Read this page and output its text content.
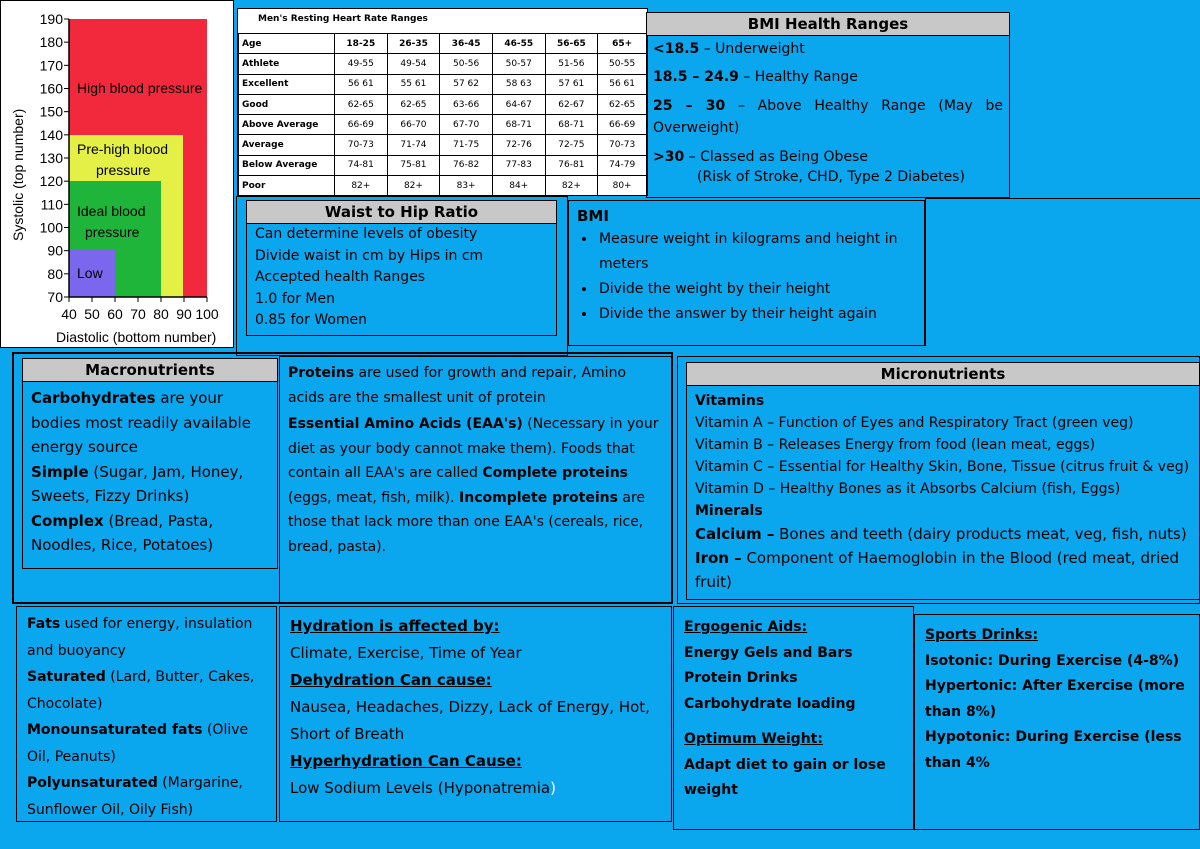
High blood pressure
Pre-high blood
pressure
Ideal blood
pressure
Low
190
180
170
160
150
140
130
120
110
100
90
80
70
40 50 60 70 80 90 100
Systolic (top number)
Diastolic (bottom number)
Men's Resting Heart Rate Ranges
Age	18-25	26-35	36-45	46-55	56-65	65+
Athlete	49-55	49-54	50-56	50-57	51-56	50-55
Excellent	56 61	55 61	57 62	58 63	57 61	56 61
Good	62-65	62-65	63-66	64-67	62-67	62-65
Above Average	66-69	66-70	67-70	68-71	68-71	66-69
Average	70-73	71-74	71-75	72-76	72-75	70-73
Below Average	74-81	75-81	76-82	77-83	76-81	74-79
Poor	82+	82+	83+	84+	82+	80+
BMI Health Ranges

<18.5 – Underweight

18.5 – 24.9 – Healthy Range

25 – 30 – Above Healthy Range (May be Overweight)

>30 – Classed as Being Obese

(Risk of Stroke, CHD, Type 2 Diabetes)

Waist to Hip Ratio
Can determine levels of obesity
Divide waist in cm by Hips in cm
Accepted health Ranges
1.0 for Men
0.85 for Women
BMI
• Measure weight in kilograms and height in meters
• Divide the weight by their height
• Divide the answer by their height again
Macronutrients
Carbohydrates are your bodies most readily available energy source
Simple (Sugar, Jam, Honey, Sweets, Fizzy Drinks)
Complex (Bread, Pasta, Noodles, Rice, Potatoes)
Proteins are used for growth and repair, Amino acids are the smallest unit of protein
Essential Amino Acids (EAA's) (Necessary in your diet as your body cannot make them). Foods that contain all EAA's are called Complete proteins (eggs, meat, fish, milk). Incomplete proteins are those that lack more than one EAA's (cereals, rice, bread, pasta).
Micronutrients
Vitamins
Vitamin A – Function of Eyes and Respiratory Tract (green veg)
Vitamin B – Releases Energy from food (lean meat, eggs)
Vitamin C – Essential for Healthy Skin, Bone, Tissue (citrus fruit & veg)
Vitamin D – Healthy Bones as it Absorbs Calcium (fish, Eggs)
Minerals
Calcium – Bones and teeth (dairy products meat, veg, fish, nuts)
Iron – Component of Haemoglobin in the Blood (red meat, dried fruit)
Fats used for energy, insulation and buoyancy
Saturated (Lard, Butter, Cakes, Chocolate)
Monounsaturated fats (Olive Oil, Peanuts)
Polyunsaturated (Margarine, Sunflower Oil, Oily Fish)
Hydration is affected by:
Climate, Exercise, Time of Year
Dehydration Can cause:
Nausea, Headaches, Dizzy, Lack of Energy, Hot, Short of Breath
Hyperhydration Can Cause:
Low Sodium Levels (Hyponatremia)
Ergogenic Aids:
Energy Gels and Bars
Protein Drinks
Carbohydrate loading
Optimum Weight:
Adapt diet to gain or lose weight
Sports Drinks:
Isotonic: During Exercise (4-8%)
Hypertonic: After Exercise (more than 8%)
Hypotonic: During Exercise (less than 4%
